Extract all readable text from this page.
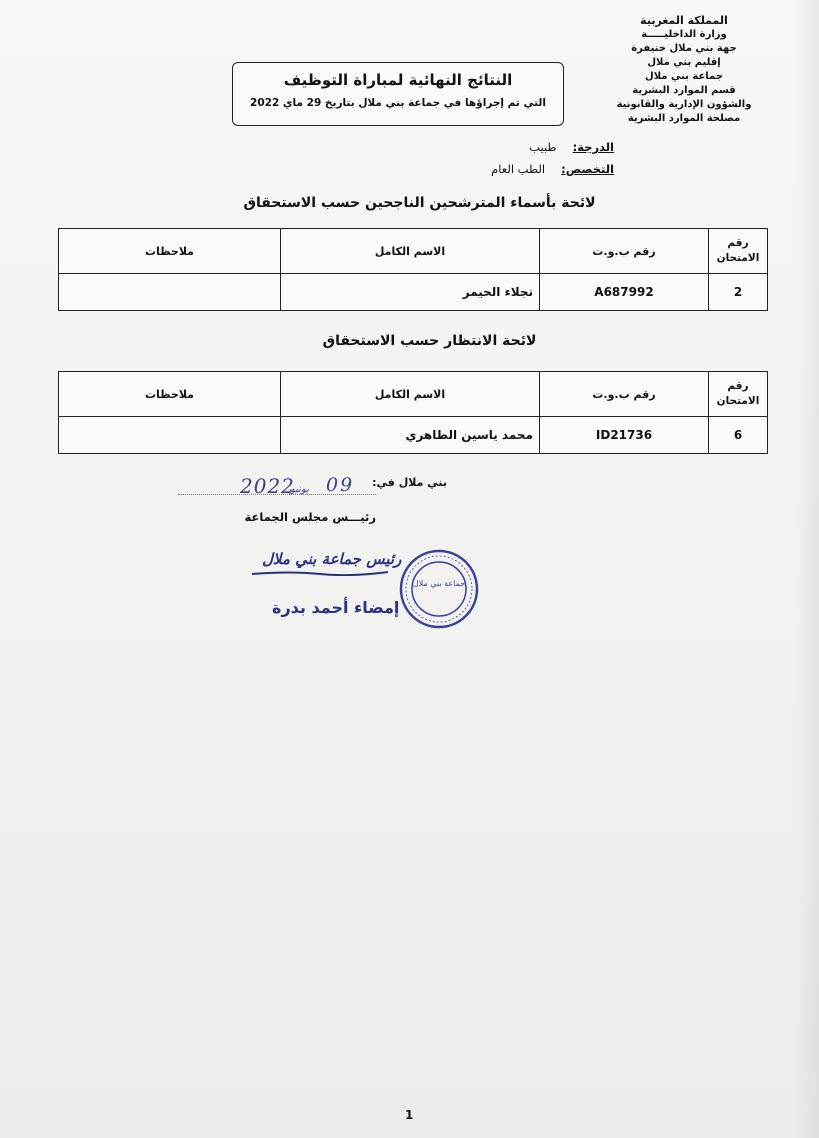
المملكة المغربية
وزارة الداخليـــــة
جهة بني ملال خنيفرة
إقليم بني ملال
جماعة بني ملال
قسم الموارد البشرية
والشؤون الإدارية والقانونية
مصلحة الموارد البشرية
النتائج النهائية لمباراة التوظيف
التي تم إجراؤها في جماعة بني ملال بتاريخ 29 ماي 2022
الدرجة: طبيب
التخصص: الطب العام
لائحة بأسماء المترشحين الناجحين حسب الاستحقاق
رقم
الامتحان	رقم ب.و.ت	الاسم الكامل	ملاحظات
2	A687992	نجلاء الحيمر	
لائحة الانتظار حسب الاستحقاق
رقم
الامتحان	رقم ب.و.ت	الاسم الكامل	ملاحظات
6	ID21736	محمد ياسين الطاهري	
بني ملال في:
2022
يونيو 09
رئيـــس مجلس الجماعة
جماعة بني ملال
رئيس جماعة بني ملال
إمضاء أحمد بدرة
1
